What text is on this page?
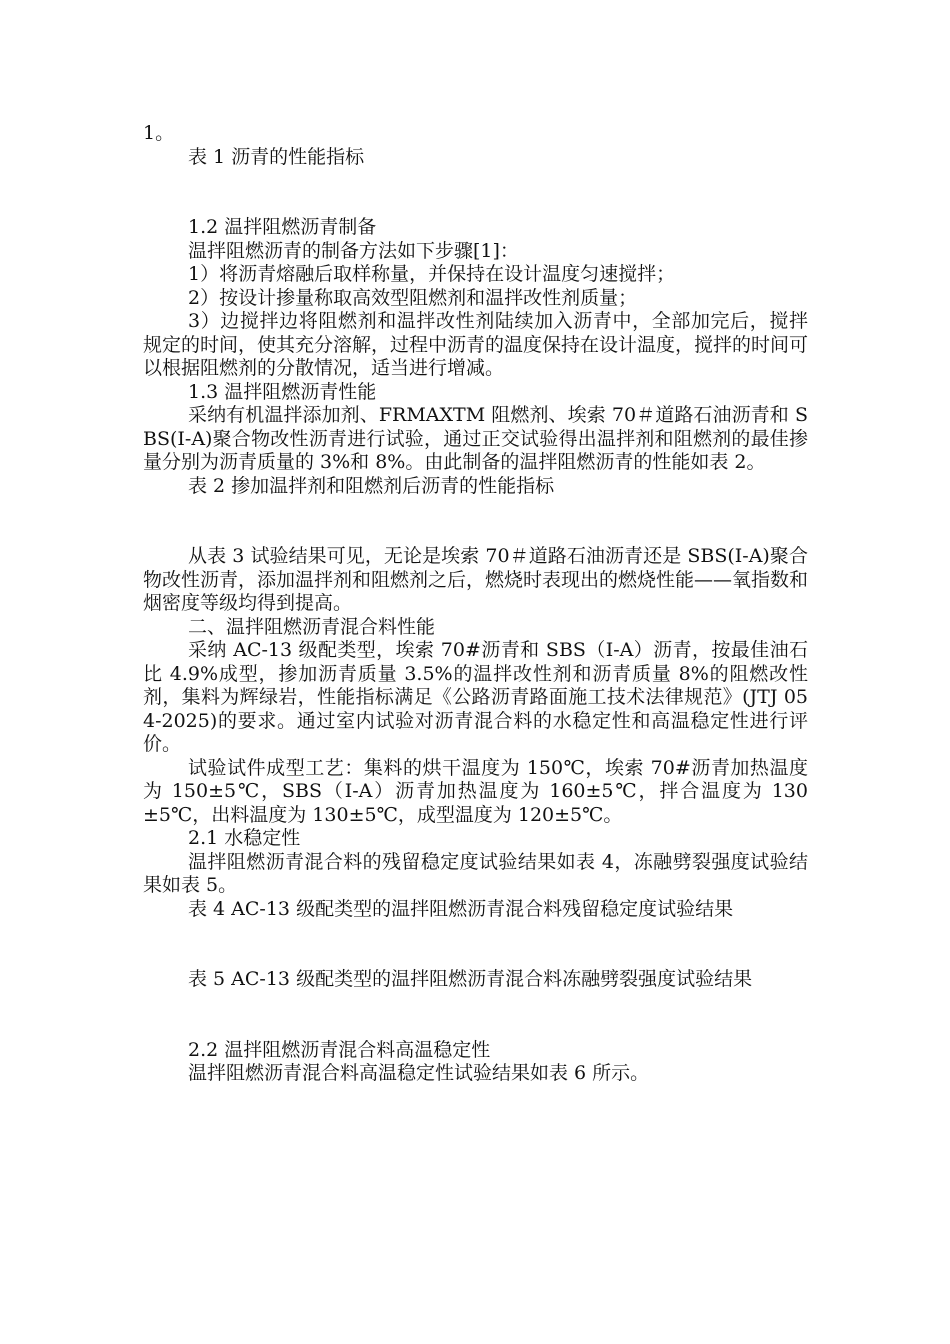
1。

表 1 沥青的性能指标

1.2 温拌阻燃沥青制备

温拌阻燃沥青的制备方法如下步骤[1]：

1）将沥青熔融后取样称量，并保持在设计温度匀速搅拌；

2）按设计掺量称取高效型阻燃剂和温拌改性剂质量；

3）边搅拌边将阻燃剂和温拌改性剂陆续加入沥青中，全部加完后，搅拌规定的时间，使其充分溶解，过程中沥青的温度保持在设计温度，搅拌的时间可以根据阻燃剂的分散情况，适当进行增减。

1.3 温拌阻燃沥青性能

采纳有机温拌添加剂、FRMAXTM 阻燃剂、埃索 70＃道路石油沥青和 SBS(I-A)聚合物改性沥青进行试验，通过正交试验得出温拌剂和阻燃剂的最佳掺量分别为沥青质量的 3%和 8%。由此制备的温拌阻燃沥青的性能如表 2。

表 2 掺加温拌剂和阻燃剂后沥青的性能指标

从表 3 试验结果可见，无论是埃索 70＃道路石油沥青还是 SBS(I-A)聚合物改性沥青，添加温拌剂和阻燃剂之后，燃烧时表现出的燃烧性能——氧指数和烟密度等级均得到提高。

二、温拌阻燃沥青混合料性能

采纳 AC-13 级配类型，埃索 70#沥青和 SBS（I-A）沥青，按最佳油石比 4.9%成型，掺加沥青质量 3.5%的温拌改性剂和沥青质量 8%的阻燃改性剂，集料为辉绿岩，性能指标满足《公路沥青路面施工技术法律规范》(JTJ 054-2025)的要求。通过室内试验对沥青混合料的水稳定性和高温稳定性进行评价。

试验试件成型工艺：集料的烘干温度为 150℃，埃索 70#沥青加热温度为 150±5℃，SBS（I-A）沥青加热温度为 160±5℃，拌合温度为 130±5℃，出料温度为 130±5℃，成型温度为 120±5℃。

2.1 水稳定性

温拌阻燃沥青混合料的残留稳定度试验结果如表 4，冻融劈裂强度试验结果如表 5。

表 4 AC-13 级配类型的温拌阻燃沥青混合料残留稳定度试验结果

表 5 AC-13 级配类型的温拌阻燃沥青混合料冻融劈裂强度试验结果

2.2 温拌阻燃沥青混合料高温稳定性

温拌阻燃沥青混合料高温稳定性试验结果如表 6 所示。
